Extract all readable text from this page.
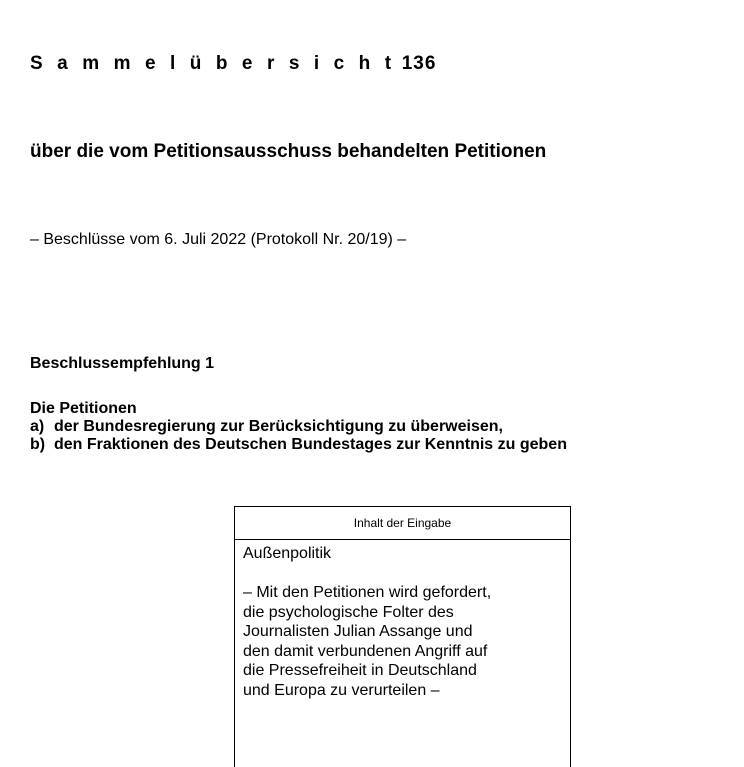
S a m m e l ü b e r s i c h t 136
über die vom Petitionsausschuss behandelten Petitionen
– Beschlüsse vom 6. Juli 2022 (Protokoll Nr. 20/19) –
Beschlussempfehlung 1
Die Petitionen
a) der Bundesregierung zur Berücksichtigung zu überweisen,
b) den Fraktionen des Deutschen Bundestages zur Kenntnis zu geben
Inhalt der Eingabe
Außenpolitik
– Mit den Petitionen wird gefordert,
die psychologische Folter des
Journalisten Julian Assange und
den damit verbundenen Angriff auf
die Pressefreiheit in Deutschland
und Europa zu verurteilen –
